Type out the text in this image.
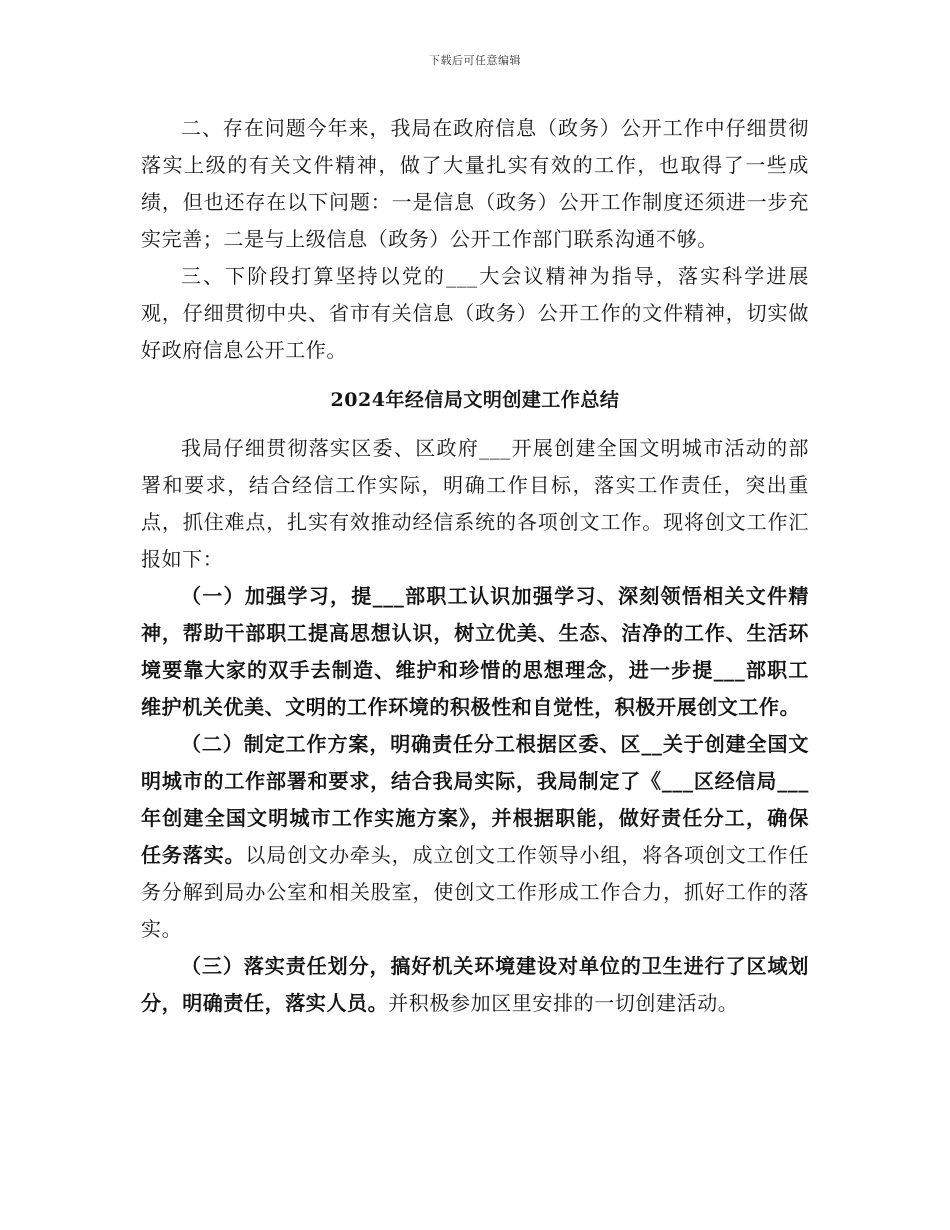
下载后可任意编辑

二、存在问题今年来，我局在政府信息（政务）公开工作中仔细贯彻落实上级的有关文件精神，做了大量扎实有效的工作，也取得了一些成绩，但也还存在以下问题：一是信息（政务）公开工作制度还须进一步充实完善；二是与上级信息（政务）公开工作部门联系沟通不够。

三、下阶段打算坚持以党的___大会议精神为指导，落实科学进展观，仔细贯彻中央、省市有关信息（政务）公开工作的文件精神，切实做好政府信息公开工作。

2024年经信局文明创建工作总结

我局仔细贯彻落实区委、区政府___开展创建全国文明城市活动的部署和要求，结合经信工作实际，明确工作目标，落实工作责任，突出重点，抓住难点，扎实有效推动经信系统的各项创文工作。现将创文工作汇报如下：

（一）加强学习，提___部职工认识加强学习、深刻领悟相关文件精神，帮助干部职工提高思想认识，树立优美、生态、洁净的工作、生活环境要靠大家的双手去制造、维护和珍惜的思想理念，进一步提___部职工维护机关优美、文明的工作环境的积极性和自觉性，积极开展创文工作。

（二）制定工作方案，明确责任分工根据区委、区__关于创建全国文明城市的工作部署和要求，结合我局实际，我局制定了《___区经信局___年创建全国文明城市工作实施方案》，并根据职能，做好责任分工，确保任务落实。以局创文办牵头，成立创文工作领导小组，将各项创文工作任务分解到局办公室和相关股室，使创文工作形成工作合力，抓好工作的落实。

（三）落实责任划分，搞好机关环境建设对单位的卫生进行了区域划分，明确责任，落实人员。并积极参加区里安排的一切创建活动。
